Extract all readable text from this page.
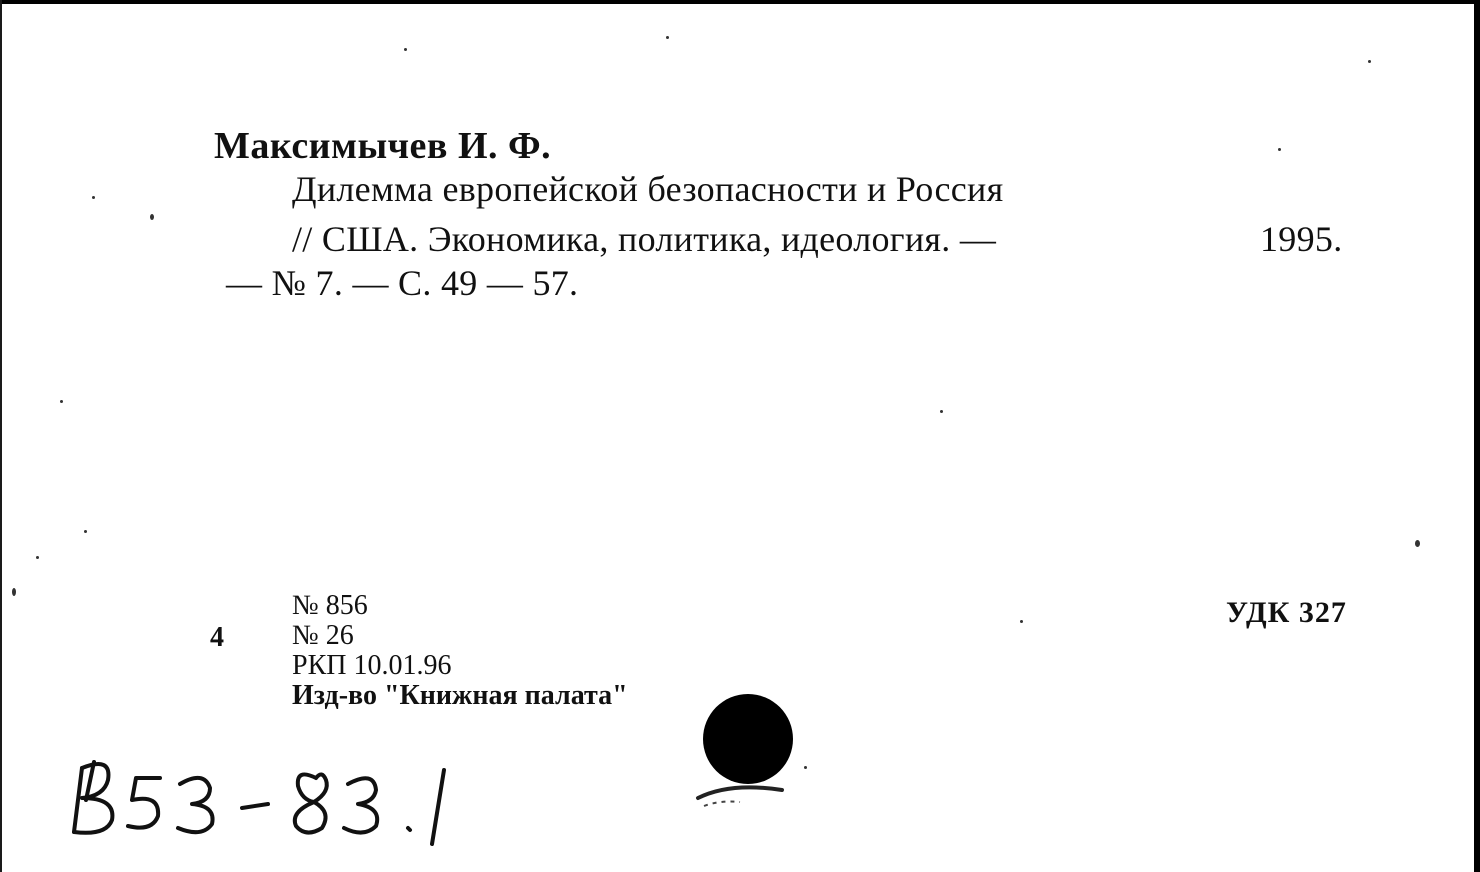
Максимычев И. Ф.
Дилемма европейской безопасности и Россия
// США. Экономика, политика, идеология. —	1995.
— № 7. — С. 49 — 57.
4
№ 856
№ 26
РКП 10.01.96
Изд-во "Книжная палата"
УДК 327
